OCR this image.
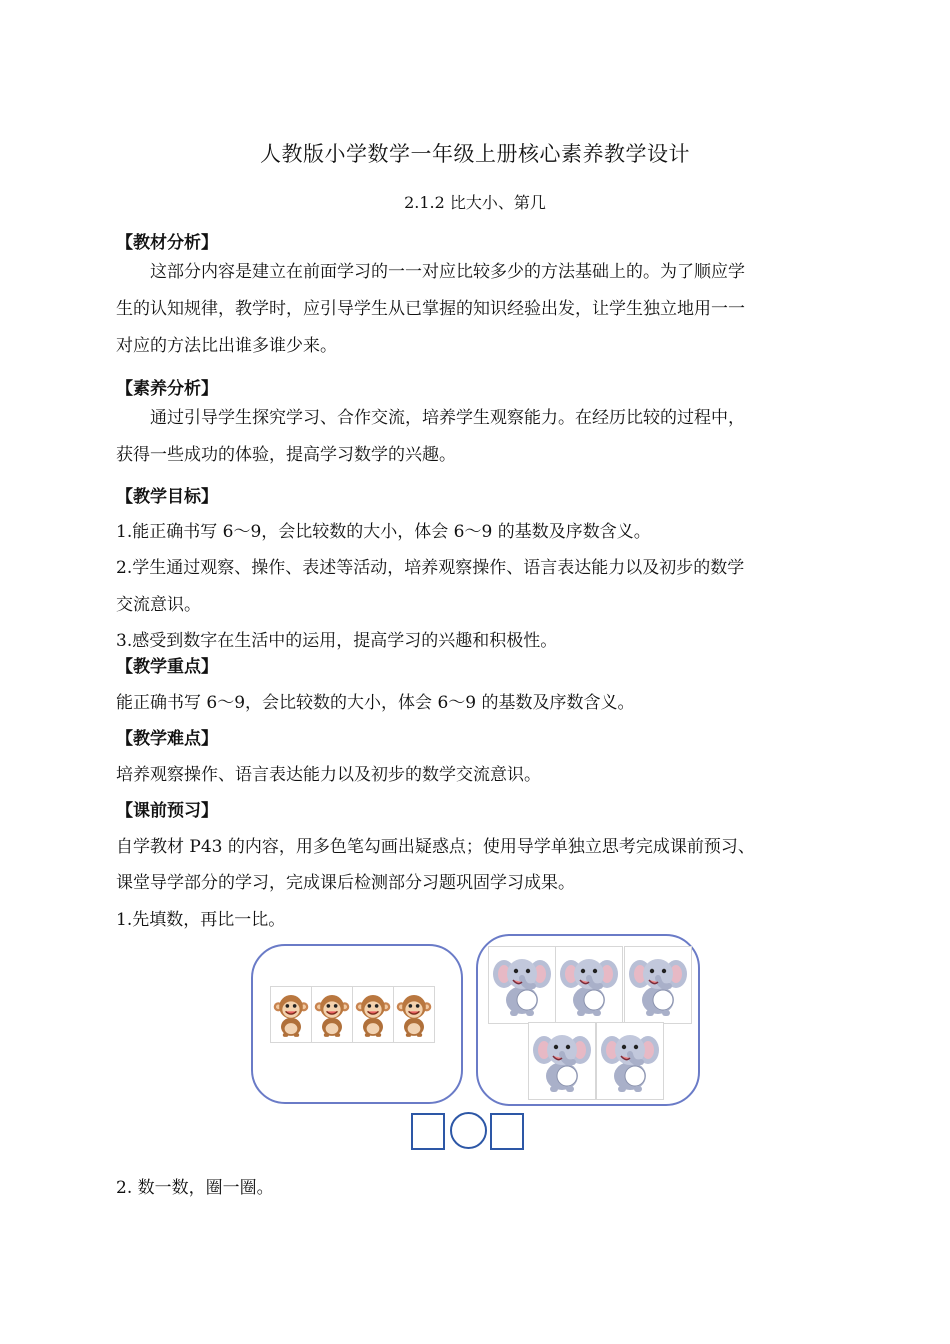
人教版小学数学一年级上册核心素养教学设计
2.1.2 比大小、第几
【教材分析】
这部分内容是建立在前面学习的一一对应比较多少的方法基础上的。为了顺应学
生的认知规律，教学时，应引导学生从已掌握的知识经验出发，让学生独立地用一一
对应的方法比出谁多谁少来。
【素养分析】
通过引导学生探究学习、合作交流，培养学生观察能力。在经历比较的过程中，
获得一些成功的体验，提高学习数学的兴趣。
【教学目标】
1.能正确书写 6～9，会比较数的大小，体会 6～9 的基数及序数含义。
2.学生通过观察、操作、表述等活动，培养观察操作、语言表达能力以及初步的数学
交流意识。
3.感受到数字在生活中的运用，提高学习的兴趣和积极性。
【教学重点】
能正确书写 6～9，会比较数的大小，体会 6～9 的基数及序数含义。
【教学难点】
培养观察操作、语言表达能力以及初步的数学交流意识。
【课前预习】
自学教材 P43 的内容，用多色笔勾画出疑惑点；使用导学单独立思考完成课前预习、
课堂导学部分的学习，完成课后检测部分习题巩固学习成果。
1.先填数，再比一比。
2. 数一数，圈一圈。
